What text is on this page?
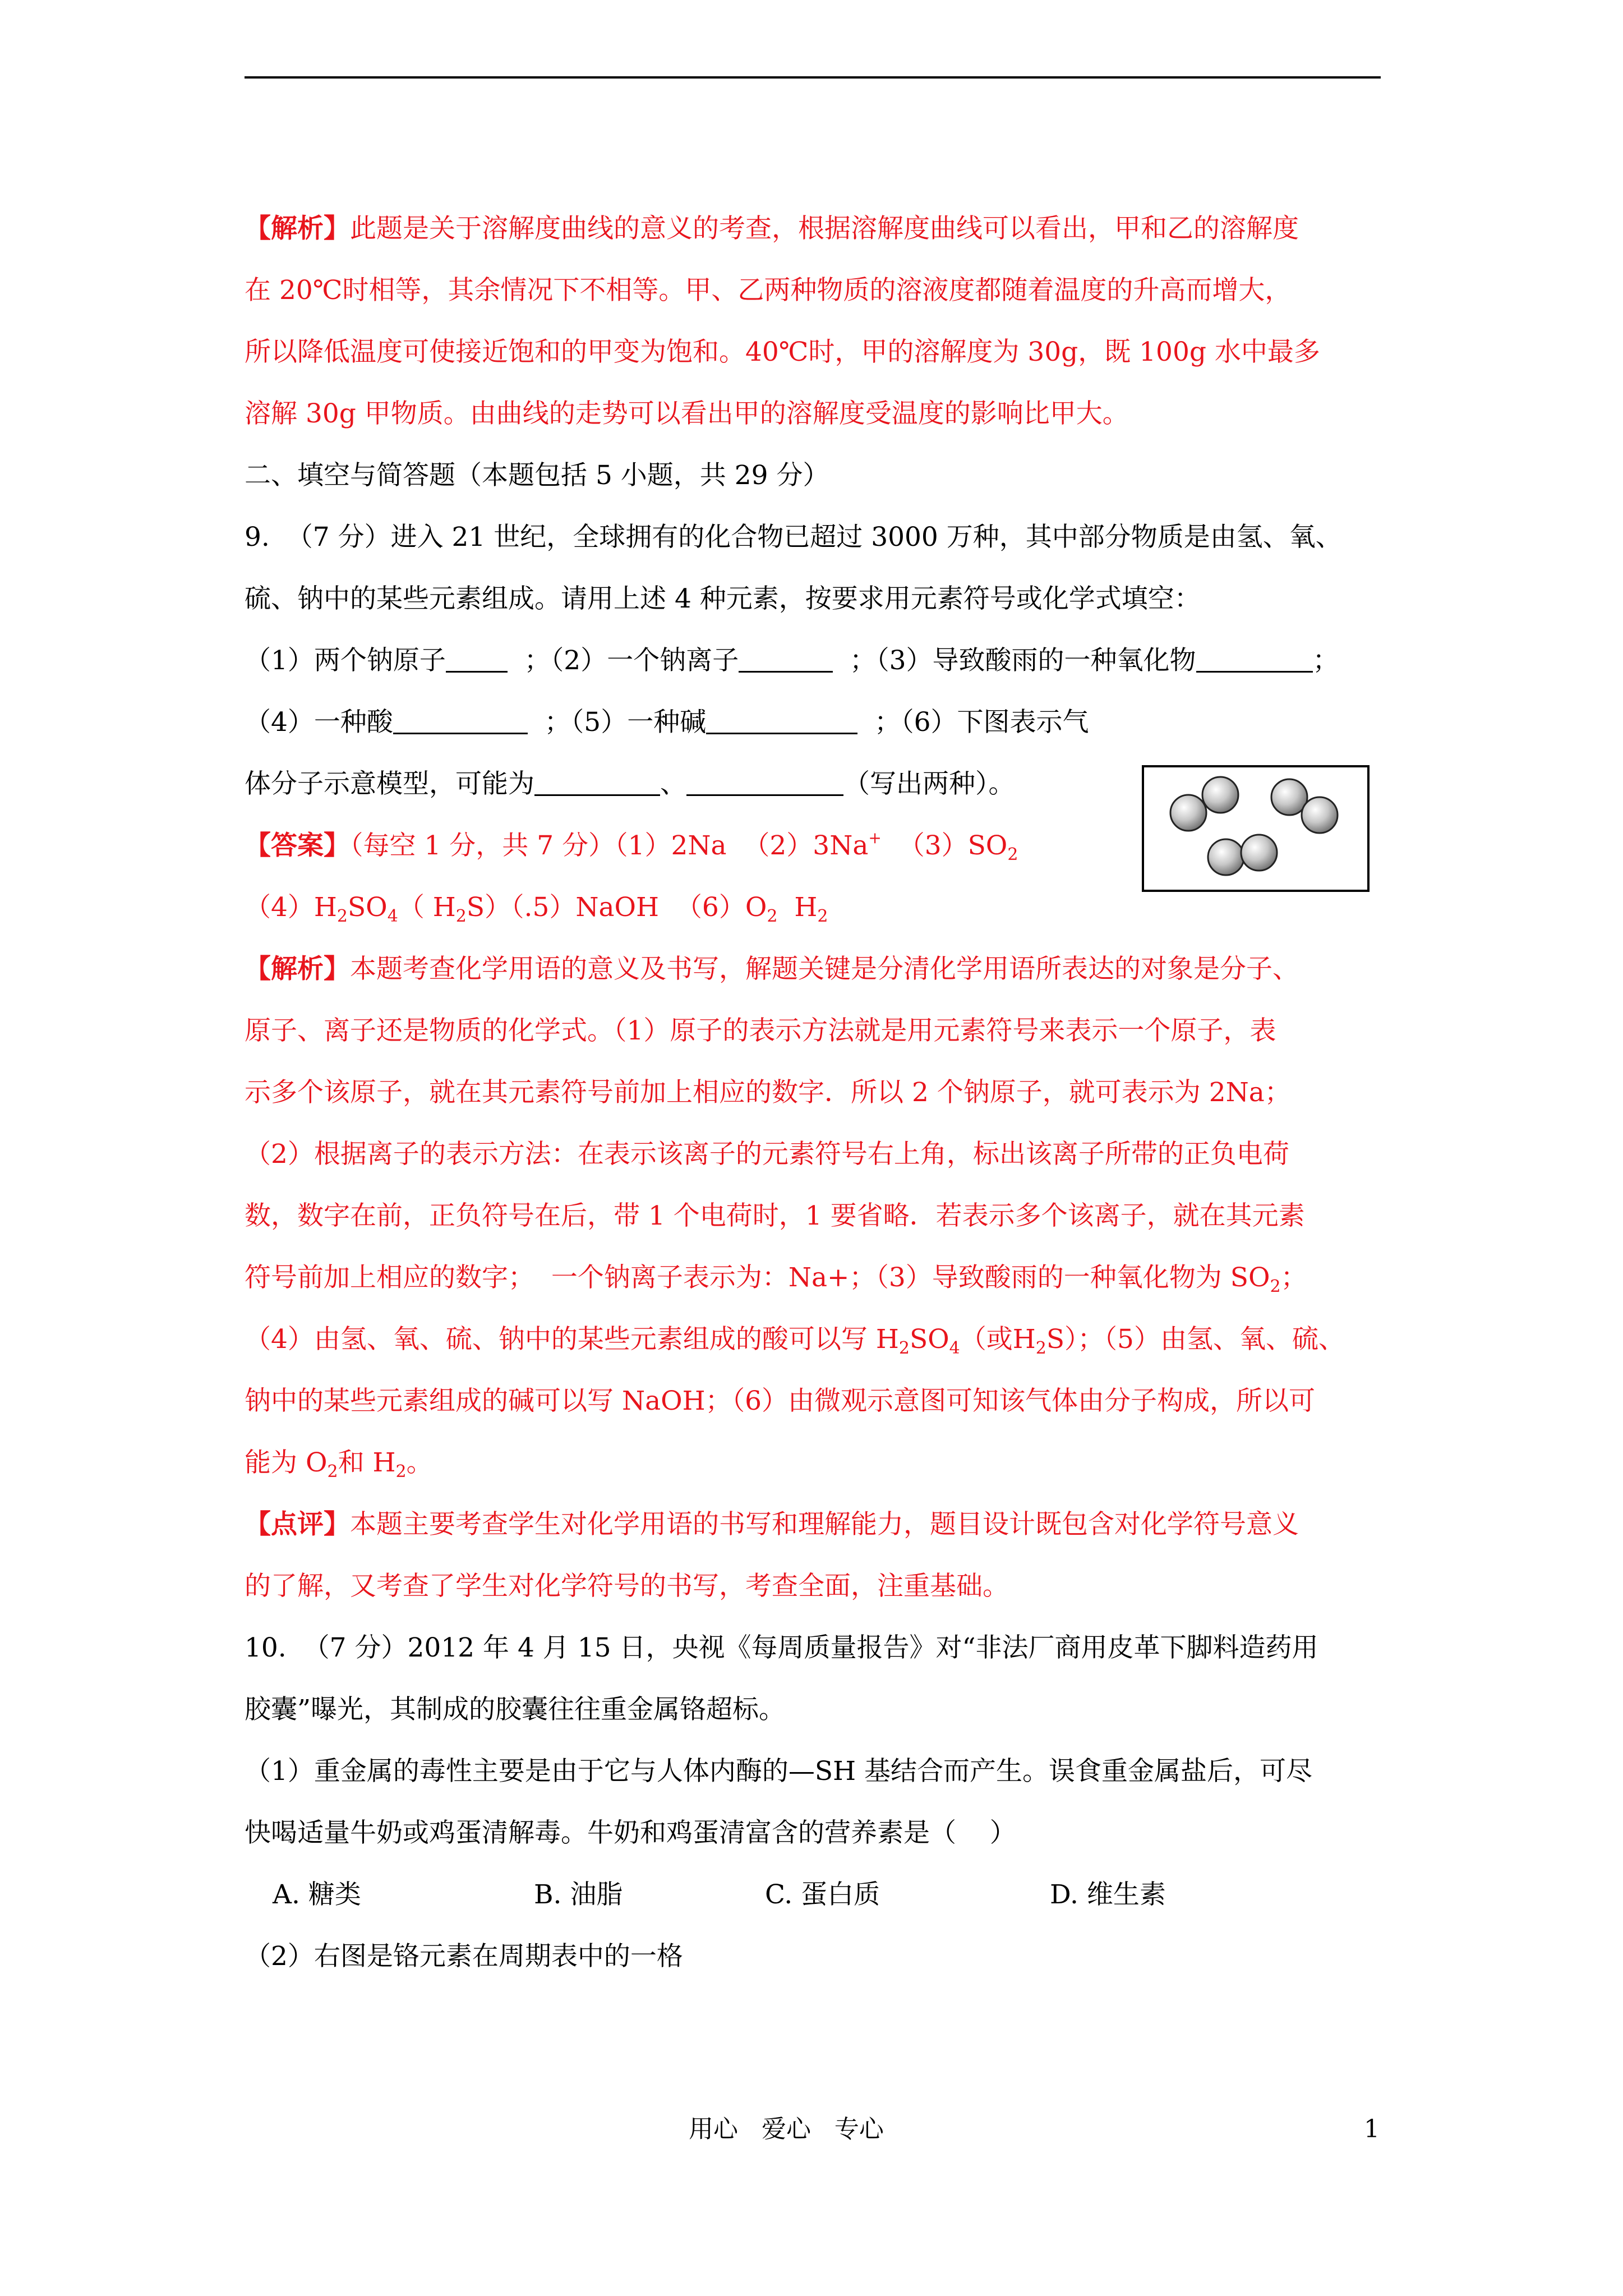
【解析】此题是关于溶解度曲线的意义的考查，根据溶解度曲线可以看出，甲和乙的溶解度
在 20℃时相等，其余情况下不相等。甲、乙两种物质的溶液度都随着温度的升高而增大，
所以降低温度可使接近饱和的甲变为饱和。40℃时，甲的溶解度为 30g，既 100g 水中最多
溶解 30g 甲物质。由曲线的走势可以看出甲的溶解度受温度的影响比甲大。
二、填空与简答题（本题包括 5 小题，共 29 分）
9.  （7 分）进入 21 世纪，全球拥有的化合物已超过 3000 万种，其中部分物质是由氢、氧、
硫、钠中的某些元素组成。请用上述 4 种元素，按要求用元素符号或化学式填空：
（1）两个钠原子	；（2）一个钠离子	；（3）导致酸雨的一种氧化物	；
（4）一种酸	；（5）一种碱	；（6）下图表示气
体分子示意模型，可能为	、	（写出两种）。
【答案】（每空 1 分，共 7 分）（1）2Na  （2）3Na+  $(3)SO_2$
$(4)H_2SO_4$（ $H_2S)(.5)NaOH$  $(6)O_2$  $H_2$
【解析】本题考查化学用语的意义及书写，解题关键是分清化学用语所表达的对象是分子、
原子、离子还是物质的化学式。（1）原子的表示方法就是用元素符号来表示一个原子，表
示多个该原子，就在其元素符号前加上相应的数字．所以 2 个钠原子，就可表示为 2Na；
（2）根据离子的表示方法：在表示该离子的元素符号右上角，标出该离子所带的正负电荷
数，数字在前，正负符号在后，带 1 个电荷时，1 要省略．若表示多个该离子，就在其元素
符号前加上相应的数字；  一个钠离子表示为：Na+；（3）导致酸雨的一种氧化物为 $SO_2$；
（4）由氢、氧、硫、钠中的某些元素组成的酸可以写 $H_2SO_4$（或$H_2S$）；（5）由氢、氧、硫、
钠中的某些元素组成的碱可以写 NaOH；（6）由微观示意图可知该气体由分子构成，所以可
能为 $O_2$和 $H_2$。
【点评】本题主要考查学生对化学用语的书写和理解能力，题目设计既包含对化学符号意义
的了解，又考查了学生对化学符号的书写，考查全面，注重基础。
10.  （7 分）2012 年 4 月 15 日，央视《每周质量报告》对“非法厂商用皮革下脚料造药用
胶囊”曝光，其制成的胶囊往往重金属铬超标。
（1）重金属的毒性主要是由于它与人体内酶的—SH 基结合而产生。误食重金属盐后，可尽
快喝适量牛奶或鸡蛋清解毒。牛奶和鸡蛋清富含的营养素是（    ）
A. 糖类	B. 油脂	C. 蛋白质	D. 维生素
（2）右图是铬元素在周期表中的一格
用心   爱心   专心	1
